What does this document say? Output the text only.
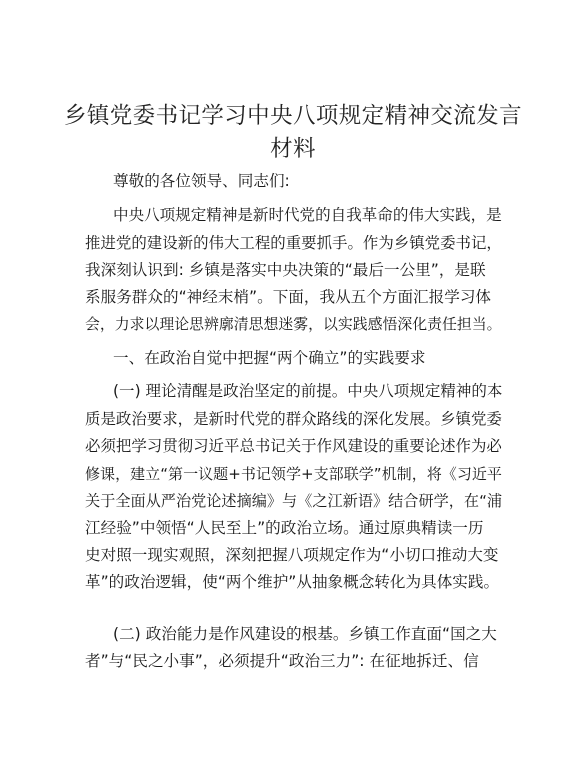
乡镇党委书记学习中央八项规定精神交流发言
材料
尊敬的各位领导、同志们:
中央八项规定精神是新时代党的自我革命的伟大实践，是
推进党的建设新的伟大工程的重要抓手。作为乡镇党委书记，
我深刻认识到: 乡镇是落实中央决策的“最后一公里”，是联
系服务群众的“神经末梢”。下面，我从五个方面汇报学习体
会，力求以理论思辨廓清思想迷雾，以实践感悟深化责任担当。
一、在政治自觉中把握“两个确立”的实践要求
(一) 理论清醒是政治坚定的前提。中央八项规定精神的本
质是政治要求，是新时代党的群众路线的深化发展。乡镇党委
必须把学习贯彻习近平总书记关于作风建设的重要论述作为必
修课，建立“第一议题+书记领学+支部联学”机制，将《习近平
关于全面从严治党论述摘编》与《之江新语》结合研学，在“浦
江经验”中领悟“人民至上”的政治立场。通过原典精读一历
史对照一现实观照，深刻把握八项规定作为“小切口推动大变
革”的政治逻辑，使“两个维护”从抽象概念转化为具体实践。
(二) 政治能力是作风建设的根基。乡镇工作直面“国之大
者”与“民之小事”，必须提升“政治三力”: 在征地拆迁、信
